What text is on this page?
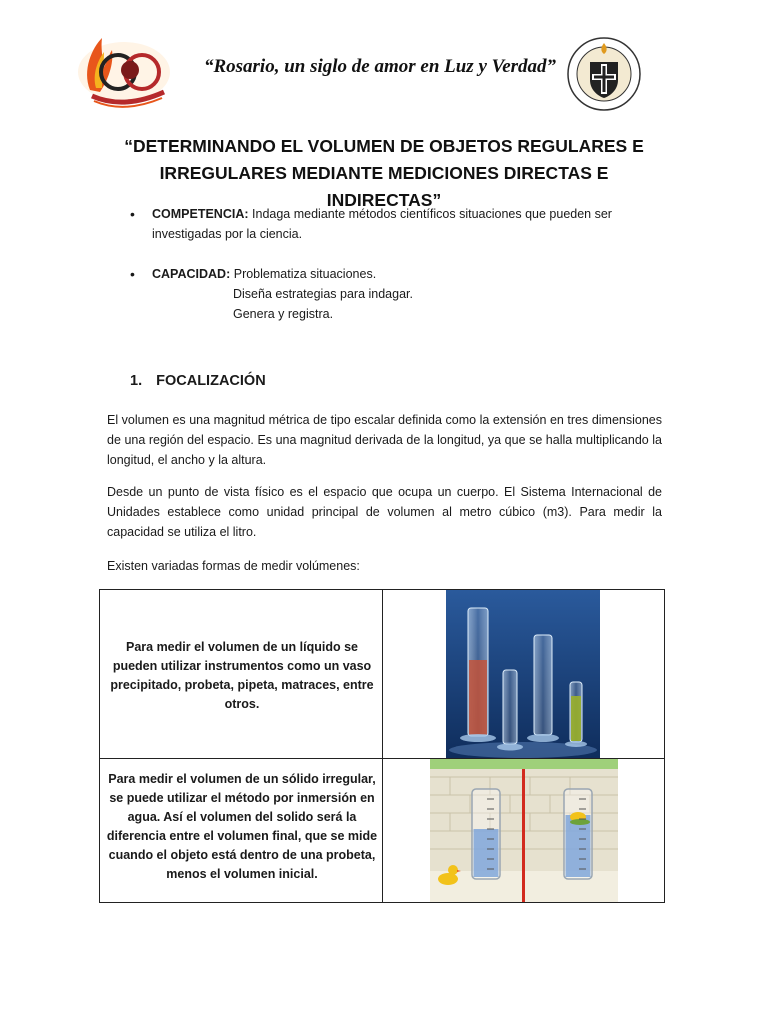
“Rosario, un siglo de amor en Luz y Verdad”
“DETERMINANDO EL VOLUMEN DE OBJETOS REGULARES E IRREGULARES MEDIANTE MEDICIONES DIRECTAS E INDIRECTAS”
• COMPETENCIA: Indaga mediante métodos científicos situaciones que pueden ser investigadas por la ciencia.
• CAPACIDAD: Problematiza situaciones.
Diseña estrategias para indagar.
Genera y registra.
1. FOCALIZACIÓN
El volumen es una magnitud métrica de tipo escalar definida como la extensión en tres dimensiones de una región del espacio. Es una magnitud derivada de la longitud, ya que se halla multiplicando la longitud, el ancho y la altura.
Desde un punto de vista físico es el espacio que ocupa un cuerpo. El Sistema Internacional de Unidades establece como unidad principal de volumen al metro cúbico (m3). Para medir la capacidad se utiliza el litro.
Existen variadas formas de medir volúmenes:
Para medir el volumen de un líquido se pueden utilizar instrumentos como un vaso precipitado, probeta, pipeta, matraces, entre otros.
Para medir el volumen de un sólido irregular, se puede utilizar el método por inmersión en agua. Así el volumen del solido será la diferencia entre el volumen final, que se mide cuando el objeto está dentro de una probeta, menos el volumen inicial.
